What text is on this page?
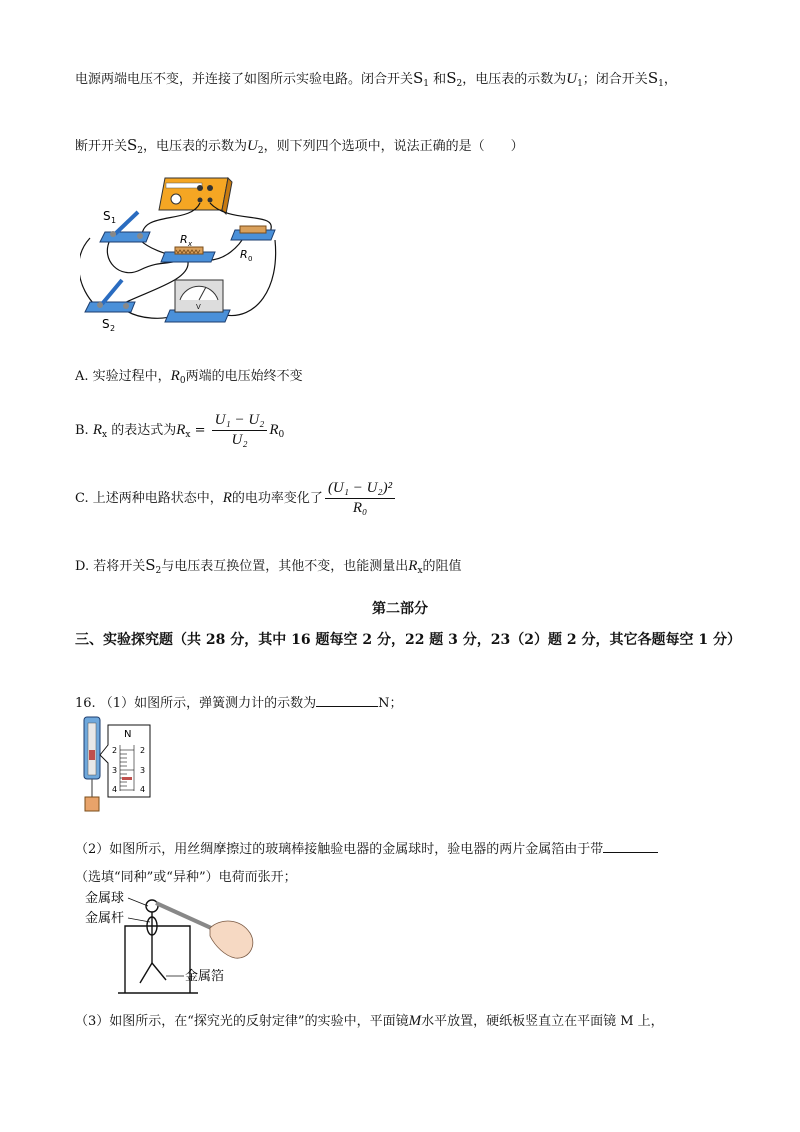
电源两端电压不变，并连接了如图所示实验电路。闭合开关$S_1$ 和$S_2$，电压表的示数为$U_1$；闭合开关$S_1$，
断开开关$S_2$，电压表的示数为$U_2$，则下列四个选项中，说法正确的是（　　）
V
S 1
R x
R 0
S 2
A. 实验过程中，$R_0$两端的电压始终不变
B. $R_x$ 的表达式为$R_x = \frac{\text{U₁ − U₂}}{\text{U₂}} R_0$
C. 上述两种电路状态中，R的电功率变化了 $\frac{\text{(U₁ − U₂)²}}{\text{R₀}}$
D. 若将开关$S_2$与电压表互换位置，其他不变，也能测量出$R_x$的阻值
第二部分
三、实验探究题（共 28 分，其中 16 题每空 2 分，22 题 3 分，23（2）题 2 分，其它各题每空 1 分）
16. （1）如图所示，弹簧测力计的示数为	N；
N
2
3
4
2
3
4
（2）如图所示，用丝绸摩擦过的玻璃棒接触验电器的金属球时，验电器的两片金属箔由于带
（选填“同种”或“异种”）电荷而张开；
金属球
金属杆
金属箔
（3）如图所示，在“探究光的反射定律”的实验中，平面镜M水平放置，硬纸板竖直立在平面镜 M 上，
